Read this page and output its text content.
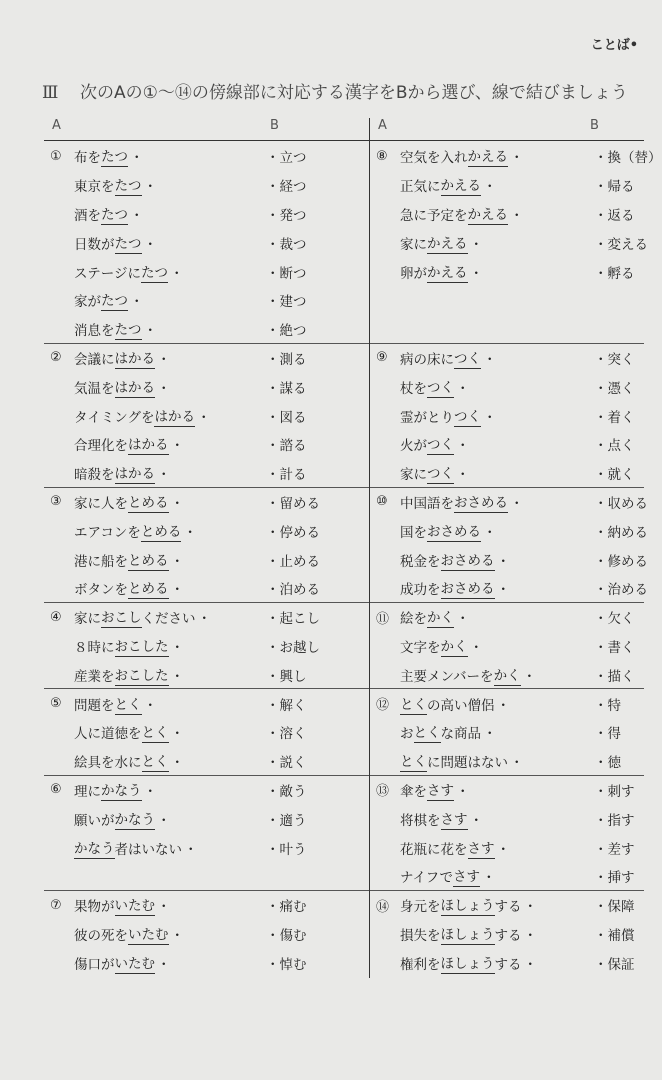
ことば•
Ⅲ 次のAの①～⑭の傍線部に対応する漢字をBから選び、線で結びましょう
A	B	A	B
① 布を たつ ・	・立つ
東京を たつ ・	・経つ
酒を たつ ・	・発つ
日数が たつ ・	・裁つ
ステージに たつ ・	・断つ
家が たつ ・	・建つ
消息を たつ ・	・絶つ
② 会議に はかる ・	・測る
気温を はかる ・	・謀る
タイミングを はかる ・	・図る
合理化を はかる ・	・諮る
暗殺を はかる ・	・計る
③ 家に人を とめる ・	・留める
エアコンを とめる ・	・停める
港に船を とめる ・	・止める
ボタンを とめる ・	・泊める
④ 家に おこし ください ・	・起こし
８時に おこした ・	・お越し
産業を おこした ・	・興し
⑤ 問題を とく ・	・解く
人に道徳を とく ・	・溶く
絵具を水に とく ・	・説く
⑥ 理に かなう ・	・敵う
願いが かなう ・	・適う
かなう 者はいない ・	・叶う
⑦ 果物が いたむ ・	・痛む
彼の死を いたむ ・	・傷む
傷口が いたむ ・	・悼む
⑧ 空気を入れ かえる ・	・換（替）
正気に かえる ・	・帰る
急に予定を かえる ・	・返る
家に かえる ・	・変える
卵が かえる ・	・孵る
⑨ 病の床に つく ・	・突く
杖を つく ・	・憑く
霊がとり つく ・	・着く
火が つく ・	・点く
家に つく ・	・就く
⑩ 中国語を おさめる ・	・収める
国を おさめる ・	・納める
税金を おさめる ・	・修める
成功を おさめる ・	・治める
⑪ 絵を かく ・	・欠く
文字を かく ・	・書く
主要メンバーを かく ・	・描く
⑫ とく の高い僧侶 ・	・特
お とく な商品 ・	・得
とく に問題はない ・	・徳
⑬ 傘を さす ・	・刺す
将棋を さす ・	・指す
花瓶に花を さす ・	・差す
ナイフで さす ・	・挿す
⑭ 身元を ほしょう する ・	・保障
損失を ほしょう する ・	・補償
権利を ほしょう する ・	・保証
